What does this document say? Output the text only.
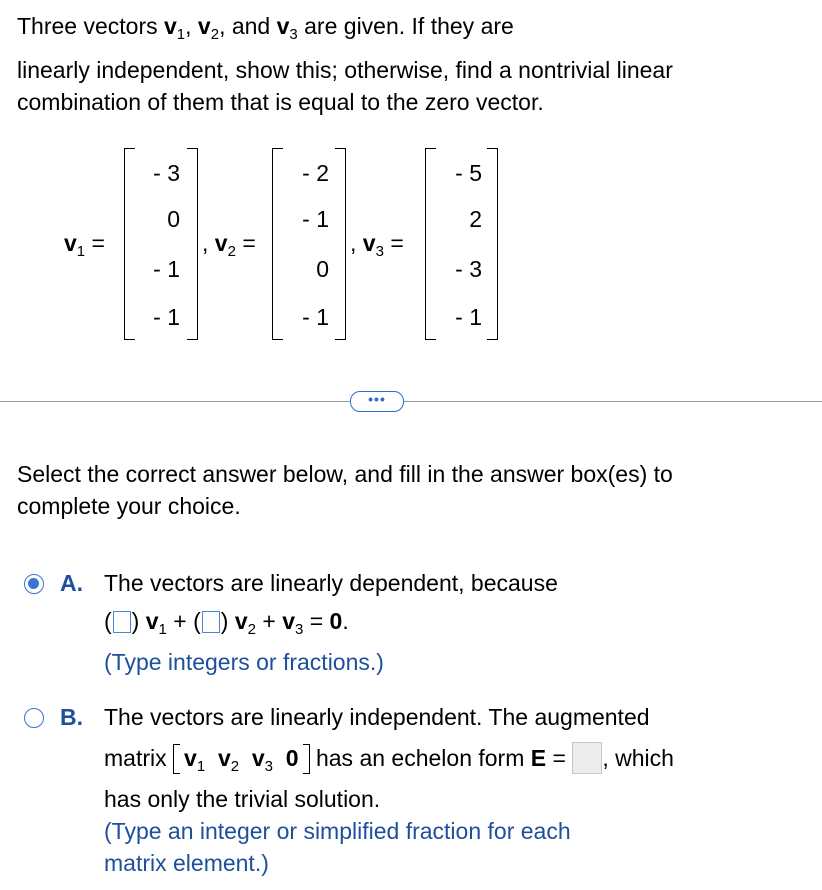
Three vectors $v_1$, $v_2$, and $v_3$ are given. If they are
linearly independent, show this; otherwise, find a nontrivial linear
combination of them that is equal to the zero vector.
$v_1$ =
- 3
0
- 1
- 1
, $v_2$ =
- 2
- 1
0
- 1
, $v_3$ =
- 5
2
- 3
- 1
•••
Select the correct answer below, and fill in the answer box(es) to
complete your choice.
A. The vectors are linearly dependent, because
( ) $v_1$ + ( ) $v_2 + v_3 = 0$.
(Type integers or fractions.)
B. The vectors are linearly independent. The augmented
matrix $v_1$ $v_2$ $v_3$ 0 has an echelon form E = , which
has only the trivial solution.
(Type an integer or simplified fraction for each
matrix element.)
